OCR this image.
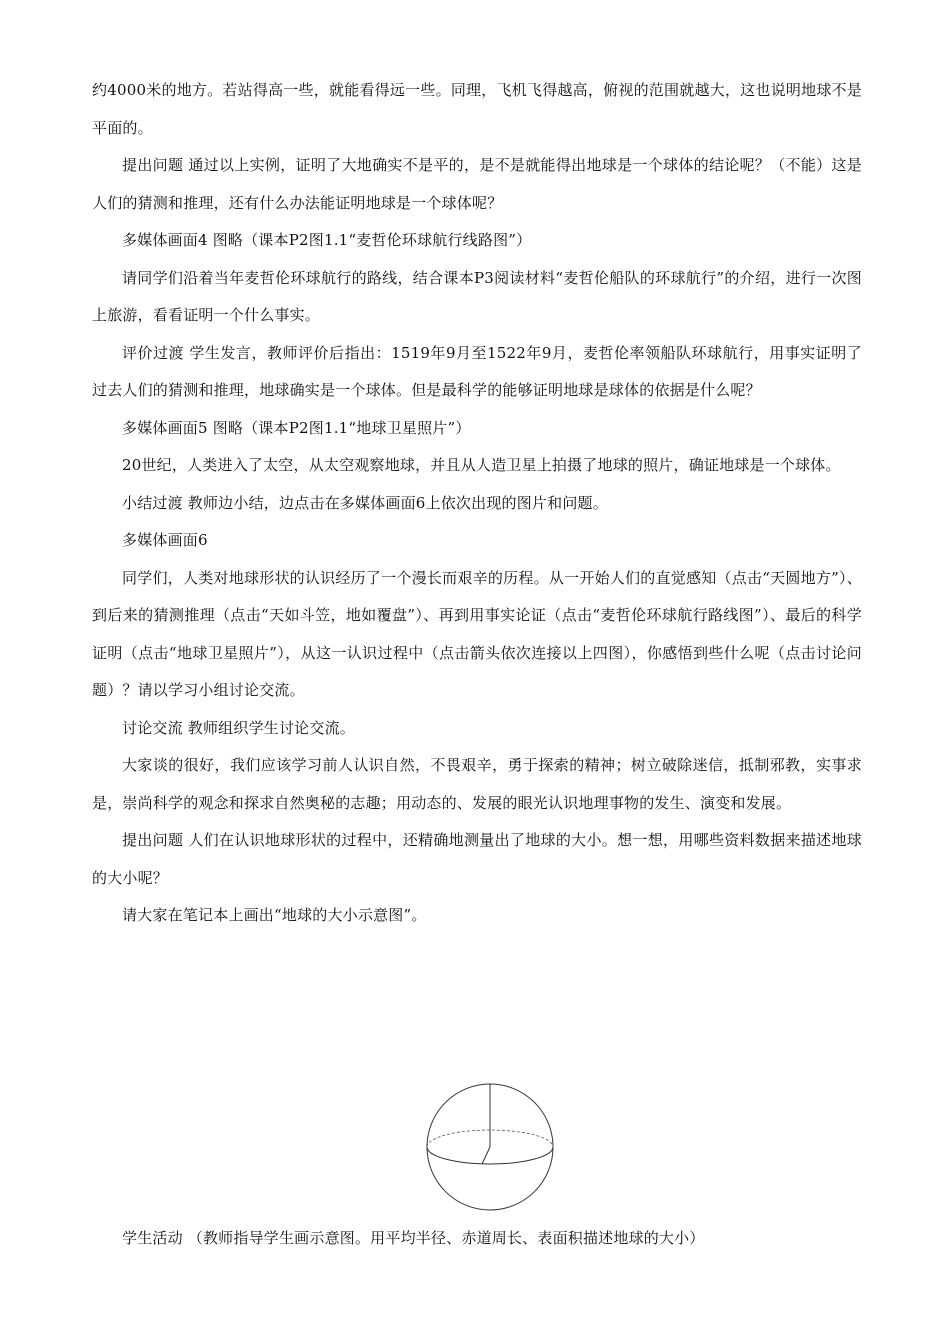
约4000米的地方。若站得高一些，就能看得远一些。同理，飞机飞得越高，俯视的范围就越大，这也说明地球不是平面的。

提出问题 通过以上实例，证明了大地确实不是平的，是不是就能得出地球是一个球体的结论呢？（不能）这是人们的猜测和推理，还有什么办法能证明地球是一个球体呢？

多媒体画面4 图略（课本P2图1.1“麦哲伦环球航行线路图”）

请同学们沿着当年麦哲伦环球航行的路线，结合课本P3阅读材料“麦哲伦船队的环球航行”的介绍，进行一次图上旅游，看看证明一个什么事实。

评价过渡 学生发言，教师评价后指出：1519年9月至1522年9月，麦哲伦率领船队环球航行，用事实证明了过去人们的猜测和推理，地球确实是一个球体。但是最科学的能够证明地球是球体的依据是什么呢？

多媒体画面5 图略（课本P2图1.1“地球卫星照片”）

20世纪，人类进入了太空，从太空观察地球，并且从人造卫星上拍摄了地球的照片，确证地球是一个球体。

小结过渡 教师边小结，边点击在多媒体画面6上依次出现的图片和问题。

多媒体画面6

同学们，人类对地球形状的认识经历了一个漫长而艰辛的历程。从一开始人们的直觉感知（点击“天圆地方”）、到后来的猜测推理（点击“天如斗笠，地如覆盘”）、再到用事实论证（点击“麦哲伦环球航行路线图”）、最后的科学证明（点击“地球卫星照片”），从这一认识过程中（点击箭头依次连接以上四图），你感悟到些什么呢（点击讨论问题）？请以学习小组讨论交流。

讨论交流 教师组织学生讨论交流。

大家谈的很好，我们应该学习前人认识自然，不畏艰辛，勇于探索的精神；树立破除迷信，抵制邪教，实事求是，崇尚科学的观念和探求自然奥秘的志趣；用动态的、发展的眼光认识地理事物的发生、演变和发展。

提出问题 人们在认识地球形状的过程中，还精确地测量出了地球的大小。想一想，用哪些资料数据来描述地球的大小呢？

请大家在笔记本上画出“地球的大小示意图”。

学生活动 （教师指导学生画示意图。用平均半径、赤道周长、表面积描述地球的大小）
